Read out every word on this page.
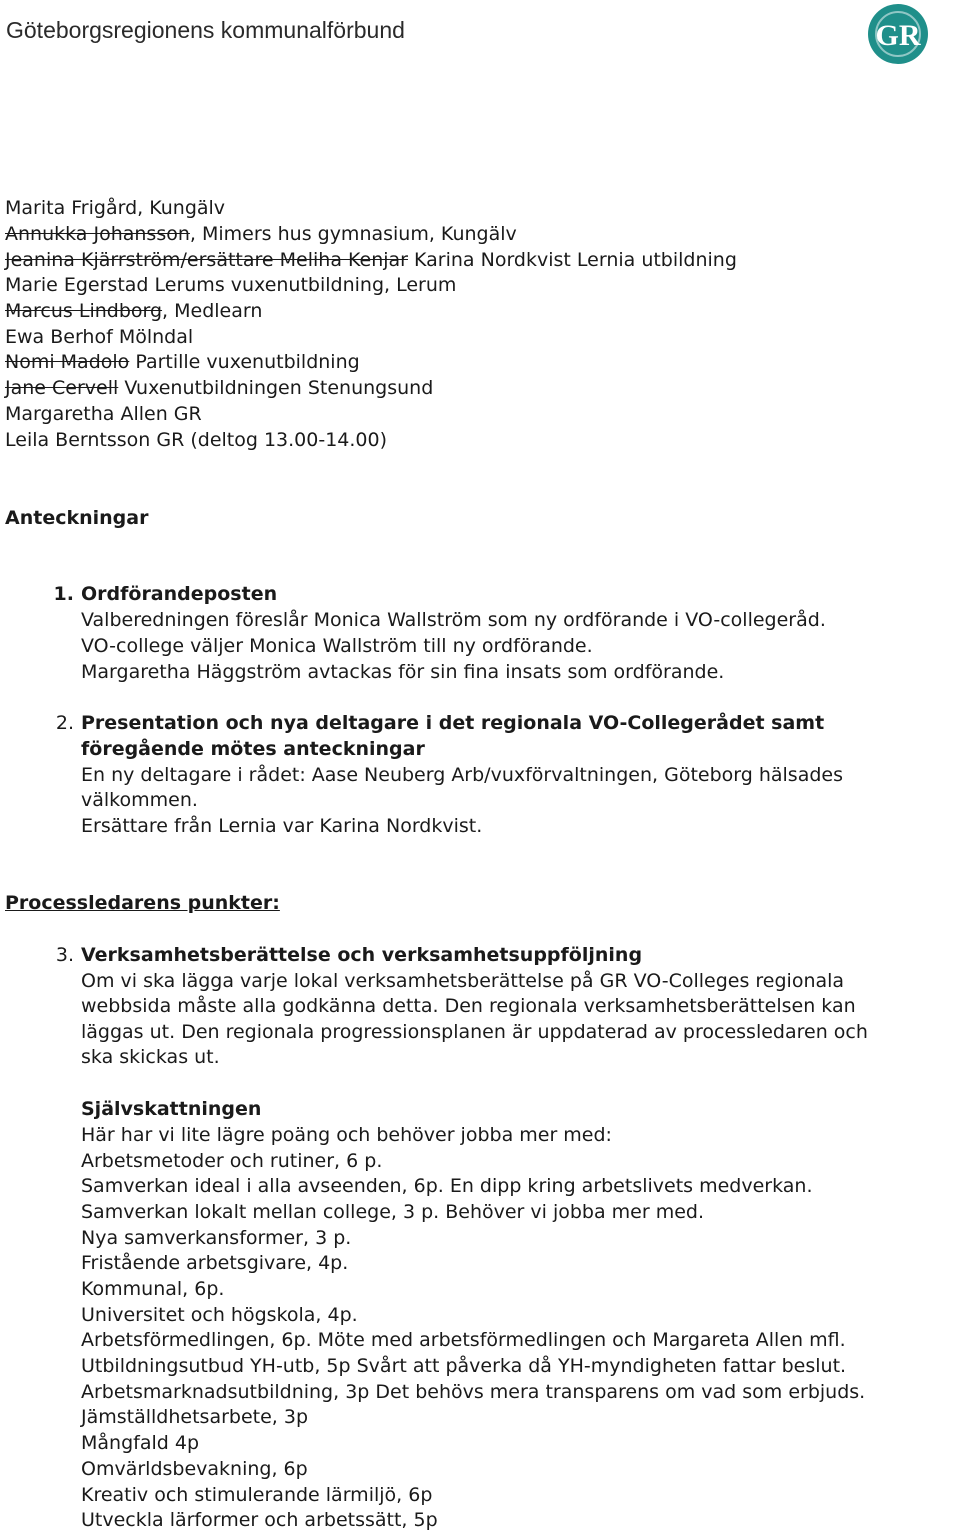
Göteborgsregionens kommunalförbund	GR

Marita Frigård, Kungälv

Annukka Johansson, Mimers hus gymnasium, Kungälv

Jeanina Kjärrström/ersättare Meliha Kenjar Karina Nordkvist Lernia utbildning

Marie Egerstad Lerums vuxenutbildning, Lerum

Marcus Lindborg, Medlearn

Ewa Berhof Mölndal

Nomi Madolo Partille vuxenutbildning

Jane Cervell Vuxenutbildningen Stenungsund

Margaretha Allen GR

Leila Berntsson GR (deltog 13.00-14.00)

Anteckningar

1. Ordförandeposten

Valberedningen föreslår Monica Wallström som ny ordförande i VO-collegeråd.

VO-college väljer Monica Wallström till ny ordförande.

Margaretha Häggström avtackas för sin fina insats som ordförande.

2. Presentation och nya deltagare i det regionala VO-Collegerådet samt

föregående mötes anteckningar

En ny deltagare i rådet: Aase Neuberg Arb/vuxförvaltningen, Göteborg hälsades

välkommen.

Ersättare från Lernia var Karina Nordkvist.

Processledarens punkter:

3. Verksamhetsberättelse och verksamhetsuppföljning

Om vi ska lägga varje lokal verksamhetsberättelse på GR VO-Colleges regionala

webbsida måste alla godkänna detta. Den regionala verksamhetsberättelsen kan

läggas ut. Den regionala progressionsplanen är uppdaterad av processledaren och

ska skickas ut.

Självskattningen

Här har vi lite lägre poäng och behöver jobba mer med:

Arbetsmetoder och rutiner, 6 p.

Samverkan ideal i alla avseenden, 6p. En dipp kring arbetslivets medverkan.

Samverkan lokalt mellan college, 3 p. Behöver vi jobba mer med.

Nya samverkansformer, 3 p.

Fristående arbetsgivare, 4p.

Kommunal, 6p.

Universitet och högskola, 4p.

Arbetsförmedlingen, 6p. Möte med arbetsförmedlingen och Margareta Allen mfl.

Utbildningsutbud YH-utb, 5p Svårt att påverka då YH-myndigheten fattar beslut.

Arbetsmarknadsutbildning, 3p Det behövs mera transparens om vad som erbjuds.

Jämställdhetsarbete, 3p

Mångfald 4p

Omvärldsbevakning, 6p

Kreativ och stimulerande lärmiljö, 6p

Utveckla lärformer och arbetssätt, 5p
